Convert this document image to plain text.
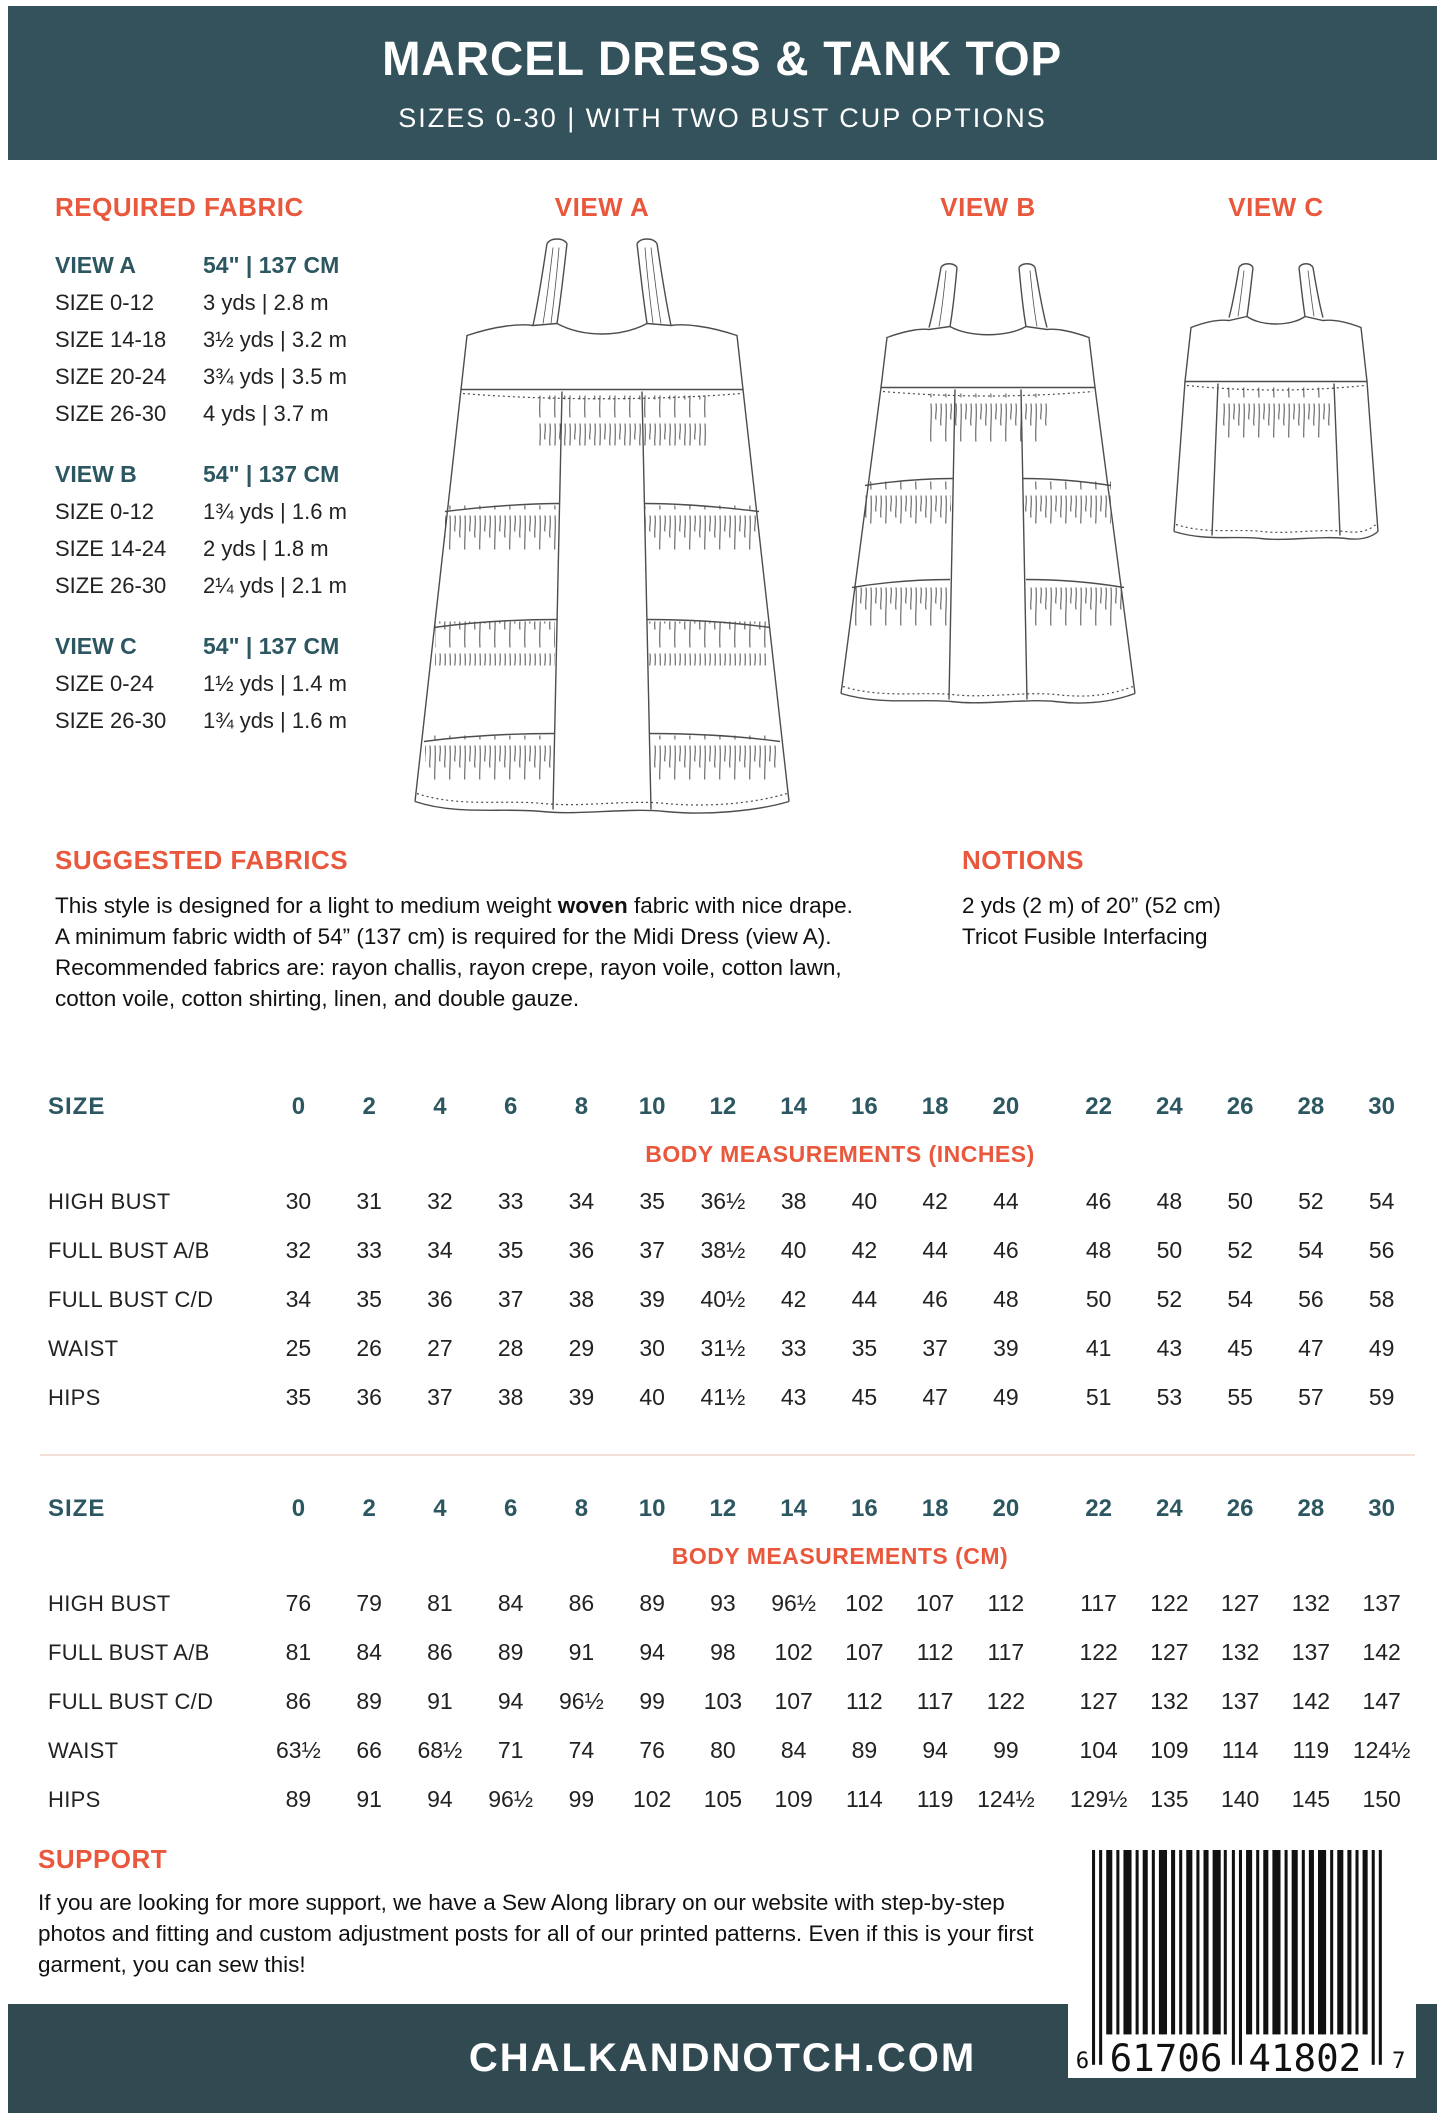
MARCEL DRESS & TANK TOP
SIZES 0-30 | WITH TWO BUST CUP OPTIONS
REQUIRED FABRIC
VIEW A	54" | 137 CM
SIZE 0-12	3 yds | 2.8 m
SIZE 14-18	3½ yds | 3.2 m
SIZE 20-24	3¾ yds | 3.5 m
SIZE 26-30	4 yds | 3.7 m
VIEW B	54" | 137 CM
SIZE 0-12	1¾ yds | 1.6 m
SIZE 14-24	2 yds | 1.8 m
SIZE 26-30	2¼ yds | 2.1 m
VIEW C	54" | 137 CM
SIZE 0-24	1½ yds | 1.4 m
SIZE 26-30	1¾ yds | 1.6 m
VIEW A	VIEW B	VIEW C
SUGGESTED FABRICS

This style is designed for a light to medium weight woven fabric with nice drape. A minimum fabric width of 54” (137 cm) is required for the Midi Dress (view A). Recommended fabrics are: rayon challis, rayon crepe, rayon voile, cotton lawn, cotton voile, cotton shirting, linen, and double gauze.

NOTIONS

2 yds (2 m) of 20” (52 cm)
Tricot Fusible Interfacing

SIZE	0	2	4	6	8	10	12	14	16	18	20	22	24	26	28	30
BODY MEASUREMENTS (INCHES)
HIGH BUST	30	31	32	33	34	35	36½	38	40	42	44	46	48	50	52	54
FULL BUST A/B	32	33	34	35	36	37	38½	40	42	44	46	48	50	52	54	56
FULL BUST C/D	34	35	36	37	38	39	40½	42	44	46	48	50	52	54	56	58
WAIST	25	26	27	28	29	30	31½	33	35	37	39	41	43	45	47	49
HIPS	35	36	37	38	39	40	41½	43	45	47	49	51	53	55	57	59
SIZE	0	2	4	6	8	10	12	14	16	18	20	22	24	26	28	30
BODY MEASUREMENTS (CM)
HIGH BUST	76	79	81	84	86	89	93	96½	102	107	112	117	122	127	132	137
FULL BUST A/B	81	84	86	89	91	94	98	102	107	112	117	122	127	132	137	142
FULL BUST C/D	86	89	91	94	96½	99	103	107	112	117	122	127	132	137	142	147
WAIST	63½	66	68½	71	74	76	80	84	89	94	99	104	109	114	119	124½
HIPS	89	91	94	96½	99	102	105	109	114	119	124½ 129½ 135	140	145	150
SUPPORT

If you are looking for more support, we have a Sew Along library on our website with step-by-step photos and fitting and custom adjustment posts for all of our printed patterns. Even if this is your first garment, you can sew this!

CHALKANDNOTCH.COM	6 61706 41802 7
